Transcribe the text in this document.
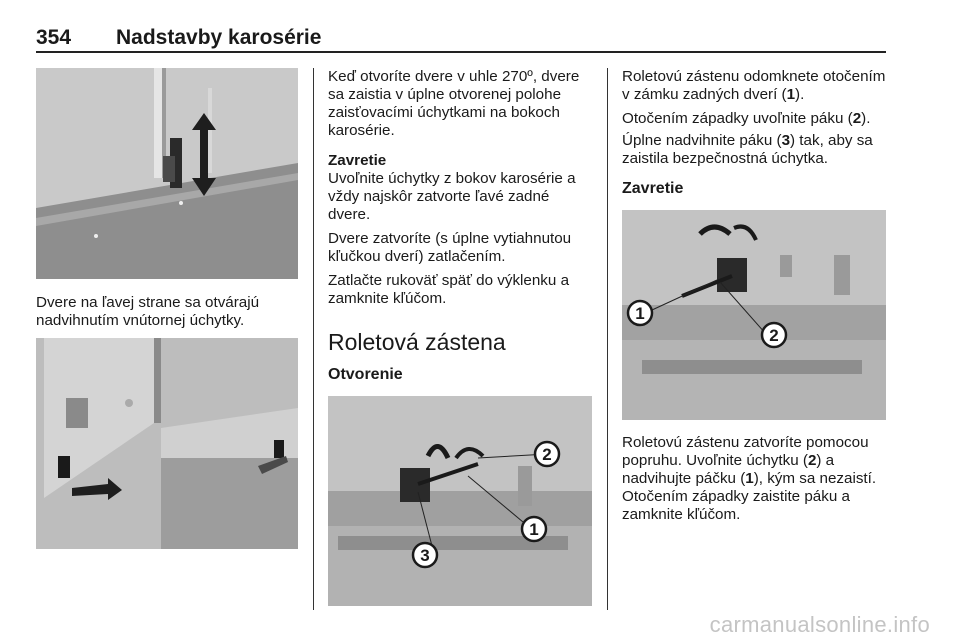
354 Nadstavby karosérie

Dvere na ľavej strane sa otvárajú nadvihnutím vnútornej úchytky.

Keď otvoríte dvere v uhle 270º, dvere sa zaistia v úplne otvorenej polohe zaisťovacími úchytkami na bokoch karosérie.

Zavretie

Uvoľnite úchytky z bokov karosérie a vždy najskôr zatvorte ľavé zadné dvere.

Dvere zatvoríte (s úplne vytiahnutou kľučkou dverí) zatlačením.

Zatlačte rukoväť späť do výklenku a zamknite kľúčom.

Roletová zástena
Otvorenie
2
1
3

Roletovú zástenu odomknete otočením v zámku zadných dverí (1).

Otočením západky uvoľnite páku (2).

Úplne nadvihnite páku (3) tak, aby sa zaistila bezpečnostná úchytka.

Zavretie
1
2

Roletovú zástenu zatvoríte pomocou popruhu. Uvoľnite úchytku (2) a nadvihujte páčku (1), kým sa nezaistí. Otočením západky zaistite páku a zamknite kľúčom.

carmanualsonline.info
